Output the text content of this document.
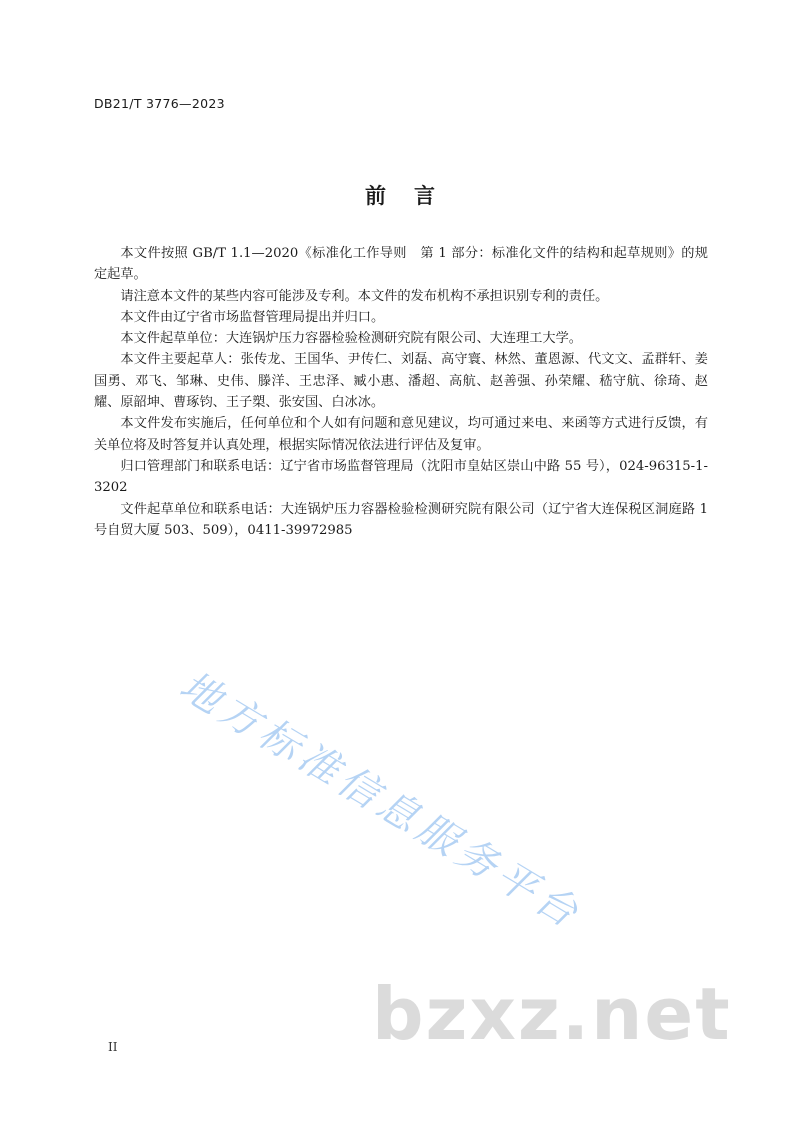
DB21/T 3776—2023
前言

本文件按照 GB/T 1.1—2020《标准化工作导则　第 1 部分：标准化文件的结构和起草规则》的规定起草。

请注意本文件的某些内容可能涉及专利。本文件的发布机构不承担识别专利的责任。

本文件由辽宁省市场监督管理局提出并归口。

本文件起草单位：大连锅炉压力容器检验检测研究院有限公司、大连理工大学。

本文件主要起草人：张传龙、王国华、尹传仁、刘磊、高守寰、林然、董恩源、代文文、孟群轩、姜国勇、邓飞、邹琳、史伟、滕洋、王忠泽、臧小惠、潘超、高航、赵善强、孙荣耀、嵇守航、徐琦、赵耀、原韶坤、曹琢钧、王子槊、张安国、白冰冰。

本文件发布实施后，任何单位和个人如有问题和意见建议，均可通过来电、来函等方式进行反馈，有关单位将及时答复并认真处理，根据实际情况依法进行评估及复审。

归口管理部门和联系电话：辽宁省市场监督管理局（沈阳市皇姑区崇山中路 55 号），024-96315-1-3202

文件起草单位和联系电话：大连锅炉压力容器检验检测研究院有限公司（辽宁省大连保税区洞庭路 1 号自贸大厦 503、509），0411-39972985

地方标准信息服务平台
bzxz.net
II
